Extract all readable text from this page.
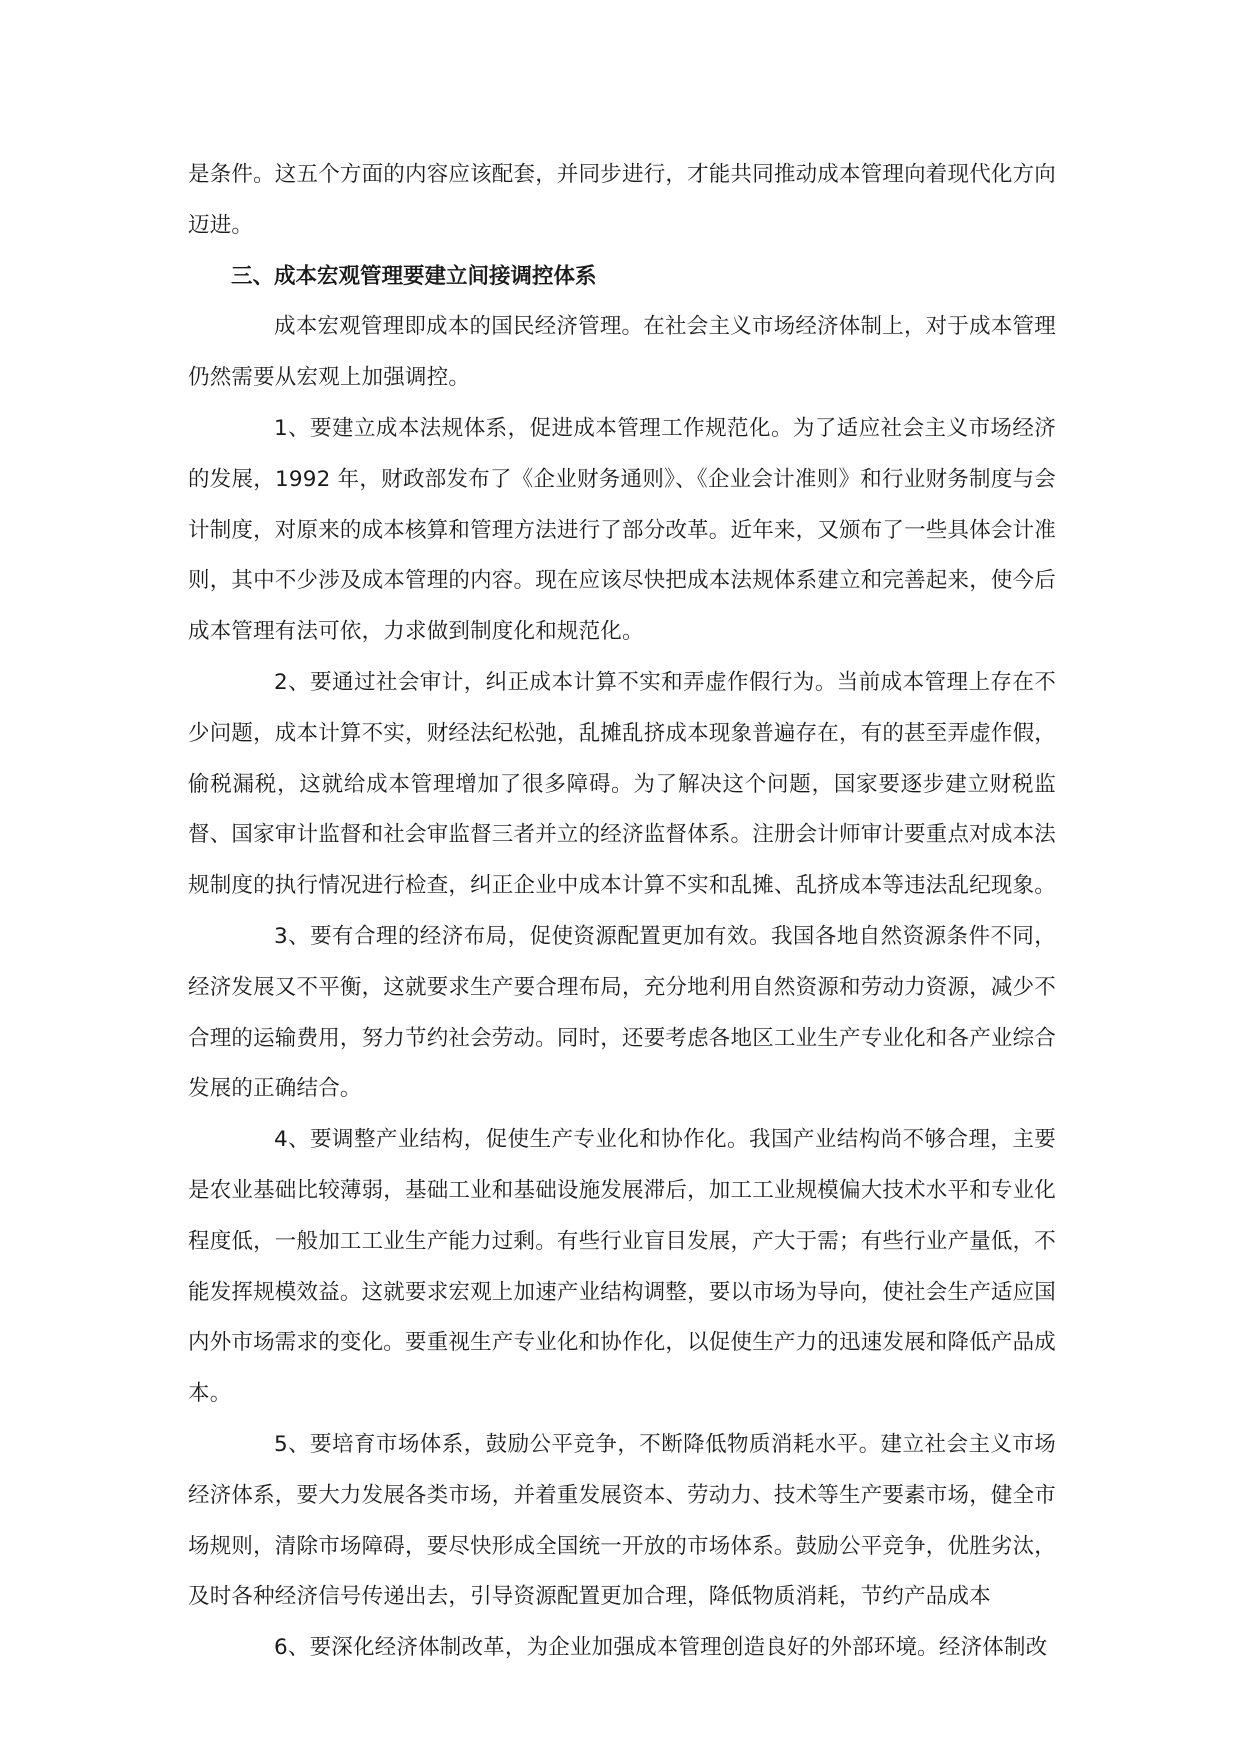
是条件。这五个方面的内容应该配套，并同步进行，才能共同推动成本管理向着现代化方向迈进。

三、成本宏观管理要建立间接调控体系

成本宏观管理即成本的国民经济管理。在社会主义市场经济体制上，对于成本管理仍然需要从宏观上加强调控。

1、要建立成本法规体系，促进成本管理工作规范化。为了适应社会主义市场经济的发展，1992 年，财政部发布了《企业财务通则》、《企业会计准则》和行业财务制度与会计制度，对原来的成本核算和管理方法进行了部分改革。近年来，又颁布了一些具体会计准则，其中不少涉及成本管理的内容。现在应该尽快把成本法规体系建立和完善起来，使今后成本管理有法可依，力求做到制度化和规范化。

2、要通过社会审计，纠正成本计算不实和弄虚作假行为。当前成本管理上存在不少问题，成本计算不实，财经法纪松弛，乱摊乱挤成本现象普遍存在，有的甚至弄虚作假，偷税漏税，这就给成本管理增加了很多障碍。为了解决这个问题，国家要逐步建立财税监督、国家审计监督和社会审监督三者并立的经济监督体系。注册会计师审计要重点对成本法规制度的执行情况进行检查，纠正企业中成本计算不实和乱摊、乱挤成本等违法乱纪现象。

3、要有合理的经济布局，促使资源配置更加有效。我国各地自然资源条件不同，经济发展又不平衡，这就要求生产要合理布局，充分地利用自然资源和劳动力资源，减少不合理的运输费用，努力节约社会劳动。同时，还要考虑各地区工业生产专业化和各产业综合发展的正确结合。

4、要调整产业结构，促使生产专业化和协作化。我国产业结构尚不够合理，主要是农业基础比较薄弱，基础工业和基础设施发展滞后，加工工业规模偏大技术水平和专业化程度低，一般加工工业生产能力过剩。有些行业盲目发展，产大于需；有些行业产量低，不能发挥规模效益。这就要求宏观上加速产业结构调整，要以市场为导向，使社会生产适应国内外市场需求的变化。要重视生产专业化和协作化，以促使生产力的迅速发展和降低产品成本。

5、要培育市场体系，鼓励公平竞争，不断降低物质消耗水平。建立社会主义市场经济体系，要大力发展各类市场，并着重发展资本、劳动力、技术等生产要素市场，健全市场规则，清除市场障碍，要尽快形成全国统一开放的市场体系。鼓励公平竞争，优胜劣汰，及时各种经济信号传递出去，引导资源配置更加合理，降低物质消耗，节约产品成本

6、要深化经济体制改革，为企业加强成本管理创造良好的外部环境。经济体制改
